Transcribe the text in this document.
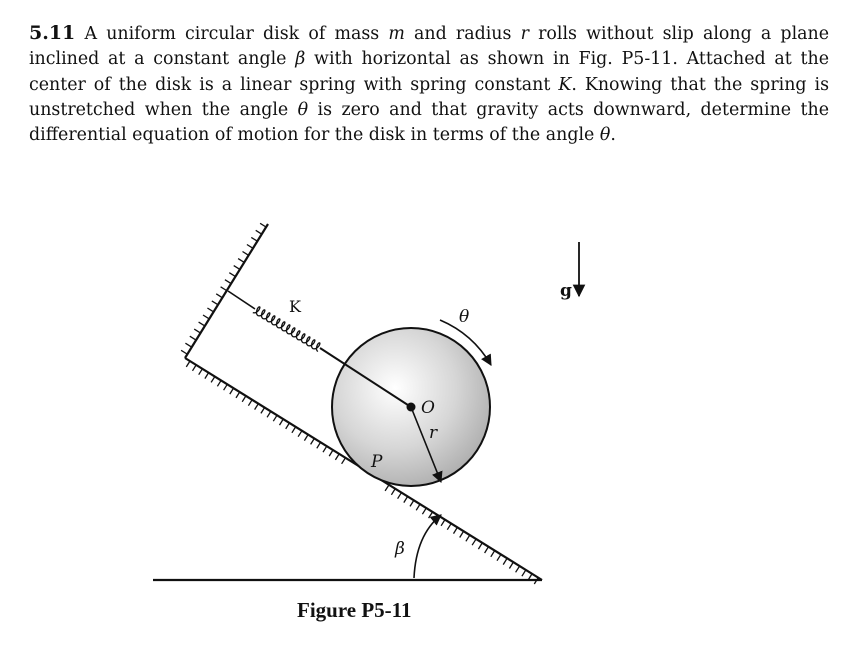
5.11 A uniform circular disk of mass m and radius r rolls without slip along a plane inclined at a constant angle β with horizontal as shown in Fig. P5-11. Attached at the center of the disk is a linear spring with spring constant K. Knowing that the spring is unstretched when the angle θ is zero and that gravity acts downward, determine the differential equation of motion for the disk in terms of the angle θ.

K
θ
O
r
P
β
g
Figure P5-11
